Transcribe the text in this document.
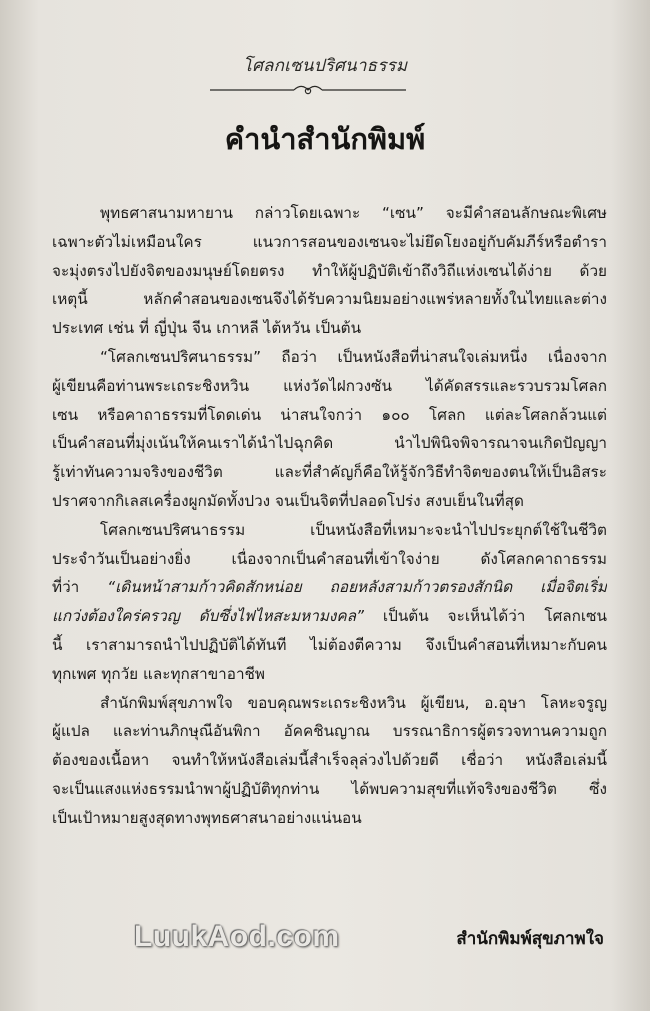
โศลกเซนปริศนาธรรม
คำนำสำนักพิมพ์
พุทธศาสนามหายาน กล่าวโดยเฉพาะ “เซน” จะมีคำสอนลักษณะพิเศษ
เฉพาะตัวไม่เหมือนใคร แนวการสอนของเซนจะไม่ยึดโยงอยู่กับคัมภีร์หรือตำรา
จะมุ่งตรงไปยังจิตของมนุษย์โดยตรง ทำให้ผู้ปฏิบัติเข้าถึงวิถีแห่งเซนได้ง่าย ด้วย
เหตุนี้ หลักคำสอนของเซนจึงได้รับความนิยมอย่างแพร่หลายทั้งในไทยและต่าง
ประเทศ เช่น ที่ ญี่ปุ่น จีน เกาหลี ไต้หวัน เป็นต้น
“โศลกเซนปริศนาธรรม” ถือว่า เป็นหนังสือที่น่าสนใจเล่มหนึ่ง เนื่องจาก
ผู้เขียนคือท่านพระเถระชิงหวิน แห่งวัดไฝกวงซัน ได้คัดสรรและรวบรวมโศลก
เซน หรือคาถาธรรมที่โดดเด่น น่าสนใจกว่า ๑๐๐ โศลก แต่ละโศลกล้วนแต่
เป็นคำสอนที่มุ่งเน้นให้คนเราได้นำไปฉุกคิด นำไปพินิจพิจารณาจนเกิดปัญญา
รู้เท่าทันความจริงของชีวิต และที่สำคัญก็คือให้รู้จักวิธีทำจิตของตนให้เป็นอิสระ
ปราศจากกิเลสเครื่องผูกมัดทั้งปวง จนเป็นจิตที่ปลอดโปร่ง สงบเย็นในที่สุด
โศลกเซนปริศนาธรรม เป็นหนังสือที่เหมาะจะนำไปประยุกต์ใช้ในชีวิต
ประจำวันเป็นอย่างยิ่ง เนื่องจากเป็นคำสอนที่เข้าใจง่าย ดังโศลกคาถาธรรม
ที่ว่า “เดินหน้าสามก้าวคิดสักหน่อย ถอยหลังสามก้าวตรองสักนิด เมื่อจิตเริ่ม
แกว่งต้องใคร่ครวญ ดับซึ่งไฟไหสะมหามงคล” เป็นต้น จะเห็นได้ว่า โศลกเซน
นี้ เราสามารถนำไปปฏิบัติได้ทันที ไม่ต้องตีความ จึงเป็นคำสอนที่เหมาะกับคน
ทุกเพศ ทุกวัย และทุกสาขาอาชีพ
สำนักพิมพ์สุขภาพใจ ขอบคุณพระเถระชิงหวิน ผู้เขียน, อ.อุษา โลหะจรูญ
ผู้แปล และท่านภิกษุณีอันพิกา อัคคชินญาณ บรรณาธิการผู้ตรวจทานความถูก
ต้องของเนื้อหา จนทำให้หนังสือเล่มนี้สำเร็จลุล่วงไปด้วยดี เชื่อว่า หนังสือเล่มนี้
จะเป็นแสงแห่งธรรมนำพาผู้ปฏิบัติทุกท่าน ได้พบความสุขที่แท้จริงของชีวิต ซึ่ง
เป็นเป้าหมายสูงสุดทางพุทธศาสนาอย่างแน่นอน
LuukAod.com	สำนักพิมพ์สุขภาพใจ
